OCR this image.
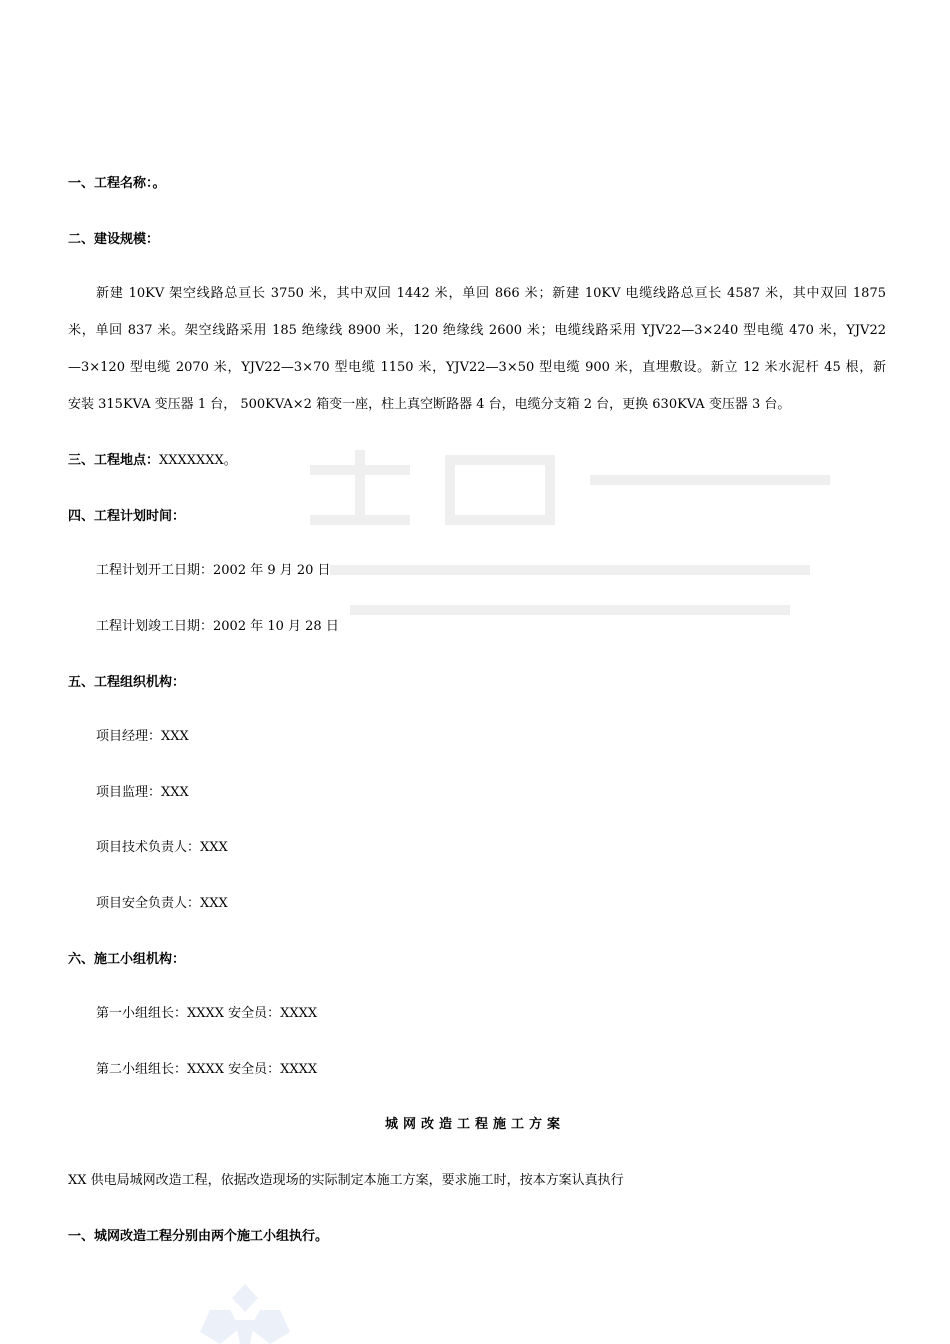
一、工程名称：。
二、建设规模：
新建 10KV 架空线路总亘长 3750 米，其中双回 1442 米，单回 866 米；新建 10KV 电缆线路总亘长 4587 米，其中双回 1875
米，单回 837 米。架空线路采用 185 绝缘线 8900 米，120 绝缘线 2600 米；电缆线路采用 YJV22—3×240 型电缆 470 米，YJV22
—3×120 型电缆 2070 米，YJV22—3×70 型电缆 1150 米，YJV22—3×50 型电缆 900 米，直埋敷设。新立 12 米水泥杆 45 根，新
安装 315KVA 变压器 1 台， 500KVA×2 箱变一座，柱上真空断路器 4 台，电缆分支箱 2 台，更换 630KVA 变压器 3 台。
三、工程地点：XXXXXXX。
四、工程计划时间：
工程计划开工日期：2002 年 9 月 20 日
工程计划竣工日期：2002 年 10 月 28 日
五、工程组织机构：
项目经理：XXX
项目监理：XXX
项目技术负责人：XXX
项目安全负责人：XXX
六、施工小组机构：
第一小组组长：XXXX 安全员：XXXX
第二小组组长：XXXX 安全员：XXXX
城网改造工程施工方案
XX 供电局城网改造工程，依据改造现场的实际制定本施工方案，要求施工时，按本方案认真执行
一、城网改造工程分别由两个施工小组执行。
